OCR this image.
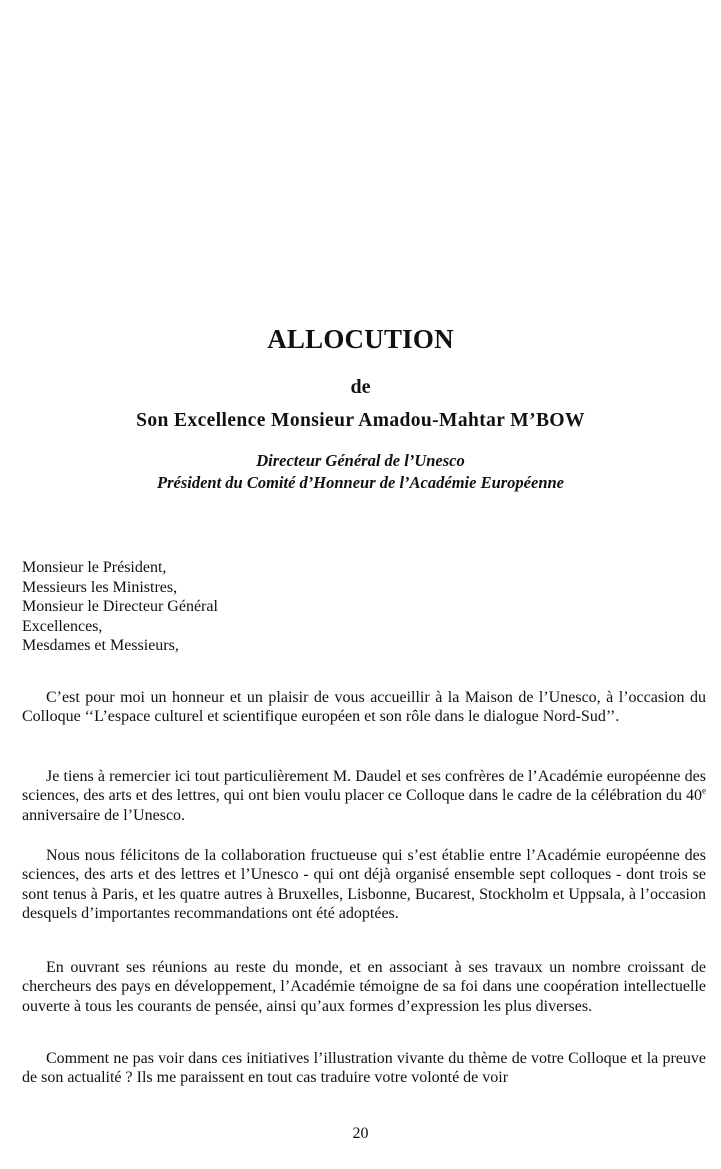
ALLOCUTION
de
Son Excellence Monsieur Amadou-Mahtar M’BOW
Directeur Général de l’Unesco
Président du Comité d’Honneur de l’Académie Européenne
Monsieur le Président,
Messieurs les Ministres,
Monsieur le Directeur Général
Excellences,
Mesdames et Messieurs,

C’est pour moi un honneur et un plaisir de vous accueillir à la Maison de l’Unesco, à l’occasion du Colloque ‘‘L’espace culturel et scientifique européen et son rôle dans le dialogue Nord-Sud’’.

Je tiens à remercier ici tout particulièrement M. Daudel et ses confrères de l’Académie européenne des sciences, des arts et des lettres, qui ont bien voulu placer ce Colloque dans le cadre de la célébration du 40e anniversaire de l’Unesco.

Nous nous félicitons de la collaboration fructueuse qui s’est établie entre l’Académie européenne des sciences, des arts et des lettres et l’Unesco - qui ont déjà organisé ensemble sept colloques - dont trois se sont tenus à Paris, et les quatre autres à Bruxelles, Lisbonne, Bucarest, Stockholm et Uppsala, à l’occasion desquels d’importantes recommandations ont été adoptées.

En ouvrant ses réunions au reste du monde, et en associant à ses travaux un nombre croissant de chercheurs des pays en développement, l’Académie témoigne de sa foi dans une coopération intellectuelle ouverte à tous les courants de pensée, ainsi qu’aux formes d’expression les plus diverses.

Comment ne pas voir dans ces initiatives l’illustration vivante du thème de votre Colloque et la preuve de son actualité ? Ils me paraissent en tout cas traduire votre volonté de voir

20
